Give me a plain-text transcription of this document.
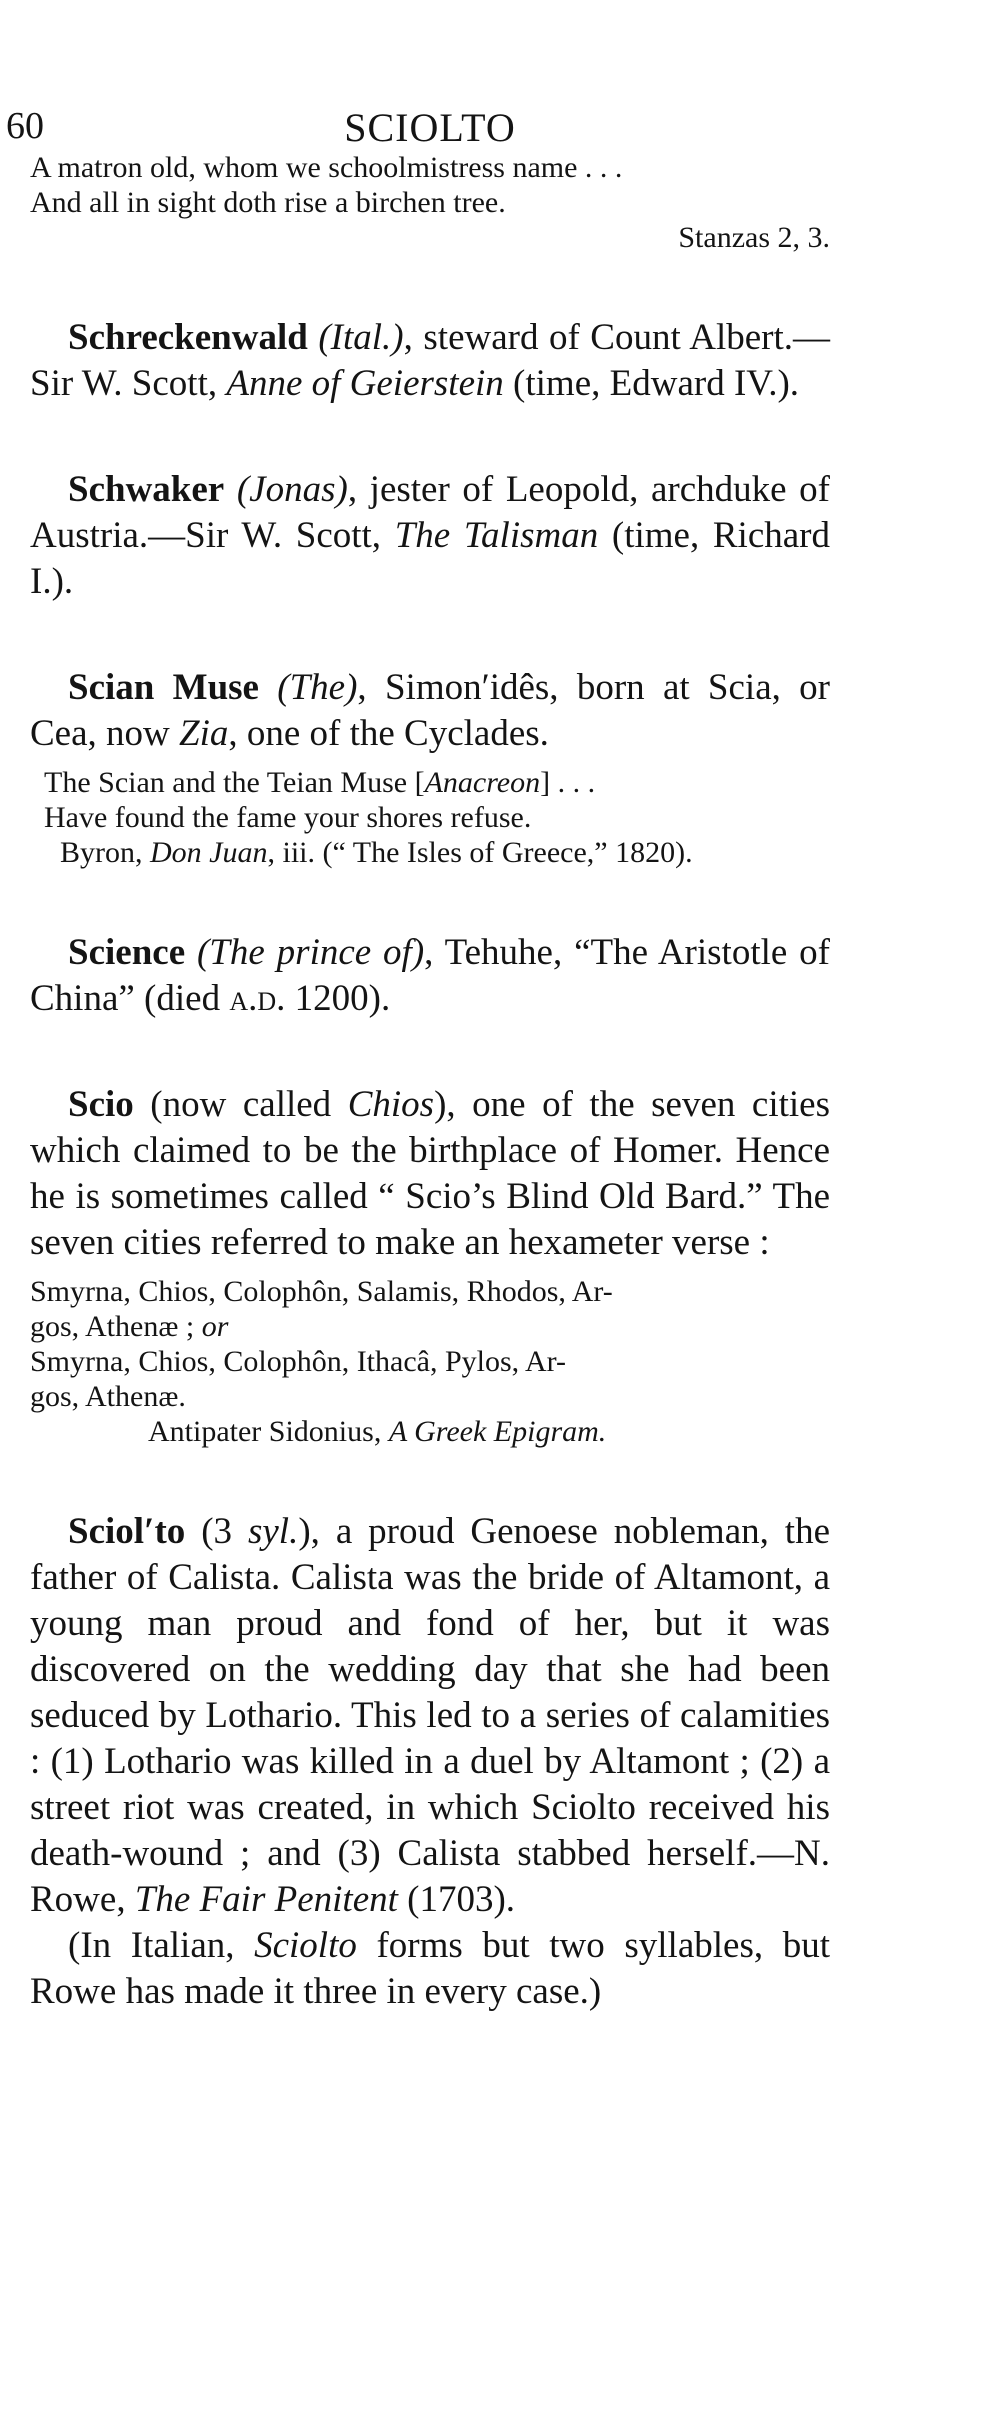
60	SCIOLTO

A matron old, whom we schoolmistress name . . .

And all in sight doth rise a birchen tree.

Stanzas 2, 3.

Schreckenwald (Ital.), steward of Count Albert.—Sir W. Scott, Anne of Geierstein (time, Edward IV.).

Schwaker (Jonas), jester of Leopold, archduke of Austria.—Sir W. Scott, The Talisman (time, Richard I.).

Scian Muse (The), Simon′idês, born at Scia, or Cea, now Zia, one of the Cyclades.

The Scian and the Teian Muse [Anacreon] . . .

Have found the fame your shores refuse.

Byron, Don Juan, iii. (“ The Isles of Greece,” 1820).

Science (The prince of), Tehuhe, “The Aristotle of China” (died a.d. 1200).

Scio (now called Chios), one of the seven cities which claimed to be the birthplace of Homer. Hence he is sometimes called “ Scio’s Blind Old Bard.” The seven cities referred to make an hexameter verse :

Smyrna, Chios, Colophôn, Salamis, Rhodos, Ar-

gos, Athenæ ; or

Smyrna, Chios, Colophôn, Ithacâ, Pylos, Ar-

gos, Athenæ.

Antipater Sidonius, A Greek Epigram.

Sciol′to (3 syl.), a proud Genoese nobleman, the father of Calista. Calista was the bride of Altamont, a young man proud and fond of her, but it was discovered on the wedding day that she had been seduced by Lothario. This led to a series of calamities : (1) Lothario was killed in a duel by Altamont ; (2) a street riot was created, in which Sciolto received his death-wound ; and (3) Calista stabbed herself.—N. Rowe, The Fair Penitent (1703).

(In Italian, Sciolto forms but two syllables, but Rowe has made it three in every case.)
